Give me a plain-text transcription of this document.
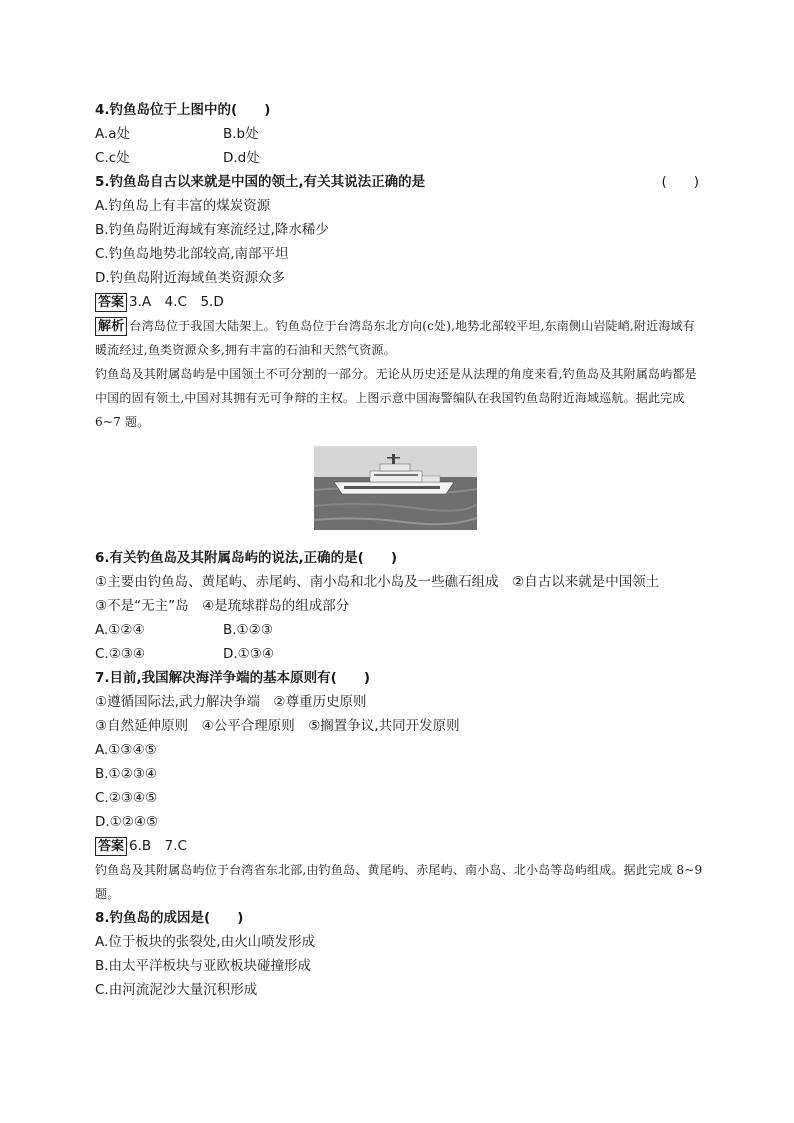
4.钓鱼岛位于上图中的(　　)
A.a处	B.b处
C.c处	D.d处
5.钓鱼岛自古以来就是中国的领土,有关其说法正确的是	(　　)
A.钓鱼岛上有丰富的煤炭资源
B.钓鱼岛附近海域有寒流经过,降水稀少
C.钓鱼岛地势北部较高,南部平坦
D.钓鱼岛附近海域鱼类资源众多
答案 3.A　4.C　5.D
解析 台湾岛位于我国大陆架上。钓鱼岛位于台湾岛东北方向(c处),地势北部较平坦,东南侧山岩陡峭,附近海域有暖流经过,鱼类资源众多,拥有丰富的石油和天然气资源。
钓鱼岛及其附属岛屿是中国领土不可分割的一部分。无论从历史还是从法理的角度来看,钓鱼岛及其附属岛屿都是中国的固有领土,中国对其拥有无可争辩的主权。上图示意中国海警编队在我国钓鱼岛附近海域巡航。据此完成 6~7 题。
6.有关钓鱼岛及其附属岛屿的说法,正确的是(　　)
①主要由钓鱼岛、黄尾屿、赤尾屿、南小岛和北小岛及一些礁石组成　②自古以来就是中国领土
③不是“无主”岛　④是琉球群岛的组成部分
A.①②④	B.①②③
C.②③④	D.①③④
7.目前,我国解决海洋争端的基本原则有(　　)
①遵循国际法,武力解决争端　②尊重历史原则
③自然延伸原则　④公平合理原则　⑤搁置争议,共同开发原则
A.①③④⑤
B.①②③④
C.②③④⑤
D.①②④⑤
答案 6.B　7.C
钓鱼岛及其附属岛屿位于台湾省东北部,由钓鱼岛、黄尾屿、赤尾屿、南小岛、北小岛等岛屿组成。据此完成 8~9 题。
8.钓鱼岛的成因是(　　)
A.位于板块的张裂处,由火山喷发形成
B.由太平洋板块与亚欧板块碰撞形成
C.由河流泥沙大量沉积形成
